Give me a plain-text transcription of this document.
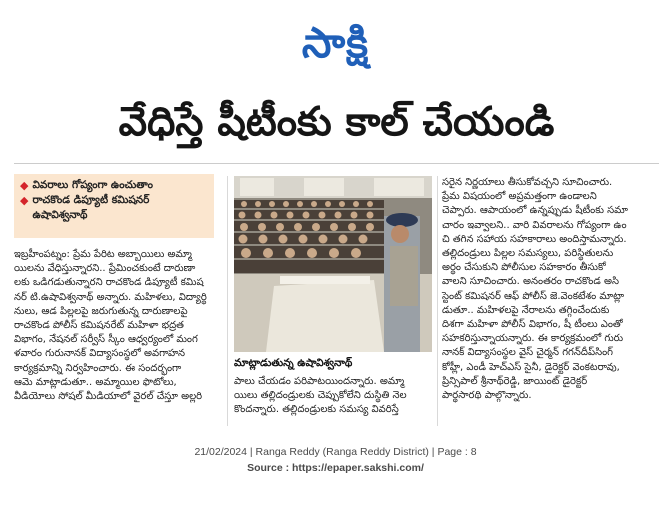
సాక్షి
వేధిస్తే షీటీంకు కాల్‌ చేయండి
◆ వివరాలు గోప్యంగా ఉంచుతాం
◆ రాచకొండ డిప్యూటీ కమిషనర్‌ ఉషావిశ్వనాథ్‌

ఇబ్రహీంపట్నం: ప్రేమ పేరిట అబ్బాయిలు అమ్మా

యిలను వేధిస్తున్నారని.. ప్రేమించకుంటే దారుణా

లకు ఒడిగడుతున్నారని రాచకొండ డిప్యూటీ కమిష

నర్‌ టి.ఉషావిశ్వనాథ్‌ అన్నారు. మహిళలు, విద్యార్థి

నులు, ఆడ పిల్లలపై జరుగుతున్న దారుణాలపై

రాచకొండ పోలీస్‌ కమిషనరేట్‌ మహిళా భద్రత

విభాగం, నేషనల్‌ సర్వీస్‌ స్కీం ఆధ్వర్యంలో మంగ

ళవారం గురునానక్‌ విద్యాసంస్థలో అవగాహన

కార్యక్రమాన్ని నిర్వహించారు. ఈ సందర్భంగా

ఆమె మాట్లాడుతూ.. అమ్మాయిల ఫొటోలు,

వీడియోలు సోషల్‌ మీడియాలో వైరల్‌ చేస్తూ అల్లరి

మాట్లాడుతున్న ఉషావిశ్వనాథ్‌

పాలు చేయడం పరిపాటయిందన్నారు. అమ్మా

యిలు తల్లిదండ్రులకు చెప్పుకోలేని దుస్థితి నెల

కొందన్నారు. తల్లిదండ్రులకు సమస్య వివరిస్తే

సరైన నిర్ణయాలు తీసుకోవచ్చని సూచించారు.

ప్రేమ విషయంలో అప్రమత్తంగా ఉండాలని

చెప్పారు. ఆపాయంలో ఉన్నప్పుడు షీటీంకు సమా

చారం ఇవ్వాలని.. వారి వివరాలను గోప్యంగా ఉం

చి తగిన సహాయ సహకారాలు అందిస్తామన్నారు.

తల్లిదండ్రులు పిల్లల సమస్యలు, పరిస్థితులను

అర్థం చేసుకుని పోలీసుల సహకారం తీసుకో

వాలని సూచించారు. అనంతరం రాచకొండ అసి

స్టెంట్‌ కమిషనర్‌ ఆఫ్‌ పోలీస్‌ జె.వెంకటేశం మాట్లా

డుతూ.. మహిళలపై నేరాలను తగ్గించేందుకు

దిశగా మహిళా పోలీస్‌ విభాగం, షీ టీంలు ఎంతో

సహకరిస్తున్నాయన్నారు. ఈ కార్యక్రమంలో గురు

నానక్‌ విద్యాసంస్థల వైస్‌ చైర్మన్‌ గగన్‌దీప్‌సింగ్‌

కోహ్లీ, ఎండీ హెచ్‌ఎస్‌ సైనీ, డైరెక్టర్‌ వెంకటరావు,

ప్రిన్సిపాల్‌ శ్రీనాథ్‌రెడ్డి, జాయింట్‌ డైరెక్టర్‌

పార్థసారథి పాల్గొన్నారు.

21/02/2024 | Ranga Reddy (Ranga Reddy District) | Page : 8
Source : https://epaper.sakshi.com/
